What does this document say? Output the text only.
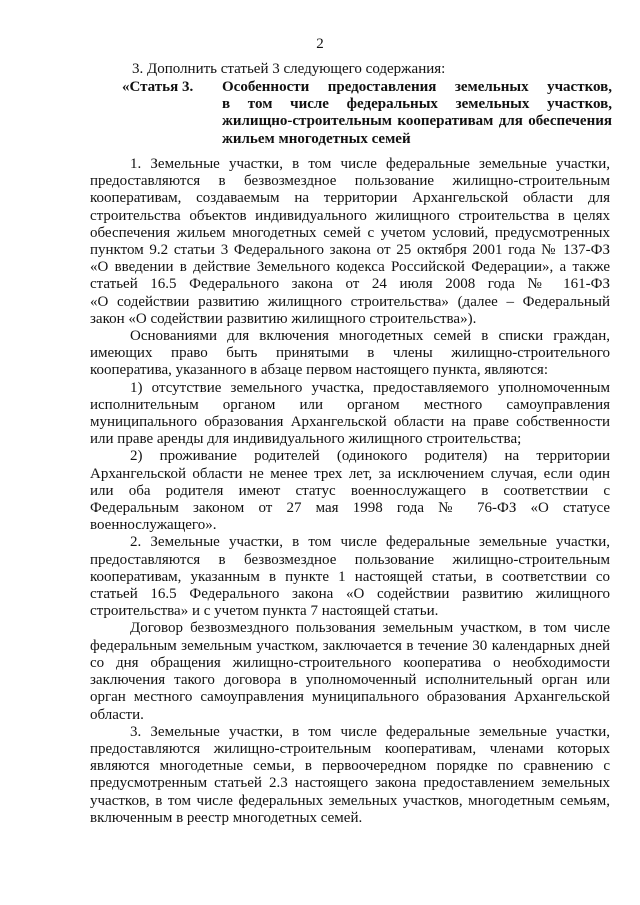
2
3. Дополнить статьей 3 следующего содержания:
«Статья 3. Особенности предоставления земельных участков,
в том числе федеральных земельных участков,
жилищно-строительным кооперативам для обеспечения
жильем многодетных семей

1. Земельные участки, в том числе федеральные земельные участки,
предоставляются в безвозмездное пользование жилищно-строительным
кооперативам, создаваемым на территории Архангельской области для
строительства объектов индивидуального жилищного строительства в целях
обеспечения жильем многодетных семей с учетом условий, предусмотренных
пунктом 9.2 статьи 3 Федерального закона от 25 октября 2001 года № 137-ФЗ
«О введении в действие Земельного кодекса Российской Федерации», а также
статьей 16.5 Федерального закона от 24 июля 2008 года № 161-ФЗ
«О содействии развитию жилищного строительства» (далее – Федеральный
закон «О содействии развитию жилищного строительства»).

Основаниями для включения многодетных семей в списки граждан,
имеющих право быть принятыми в члены жилищно-строительного
кооператива, указанного в абзаце первом настоящего пункта, являются:

1) отсутствие земельного участка, предоставляемого уполномоченным
исполнительным органом или органом местного самоуправления
муниципального образования Архангельской области на праве собственности
или праве аренды для индивидуального жилищного строительства;

2) проживание родителей (одинокого родителя) на территории
Архангельской области не менее трех лет, за исключением случая, если один
или оба родителя имеют статус военнослужащего в соответствии с
Федеральным законом от 27 мая 1998 года № 76-ФЗ «О статусе
военнослужащего».

2. Земельные участки, в том числе федеральные земельные участки,
предоставляются в безвозмездное пользование жилищно-строительным
кооперативам, указанным в пункте 1 настоящей статьи, в соответствии со
статьей 16.5 Федерального закона «О содействии развитию жилищного
строительства» и с учетом пункта 7 настоящей статьи.

Договор безвозмездного пользования земельным участком, в том числе
федеральным земельным участком, заключается в течение 30 календарных дней
со дня обращения жилищно-строительного кооператива о необходимости
заключения такого договора в уполномоченный исполнительный орган или
орган местного самоуправления муниципального образования Архангельской
области.

3. Земельные участки, в том числе федеральные земельные участки,
предоставляются жилищно-строительным кооперативам, членами которых
являются многодетные семьи, в первоочередном порядке по сравнению с
предусмотренным статьей 2.3 настоящего закона предоставлением земельных
участков, в том числе федеральных земельных участков, многодетным семьям,
включенным в реестр многодетных семей.
